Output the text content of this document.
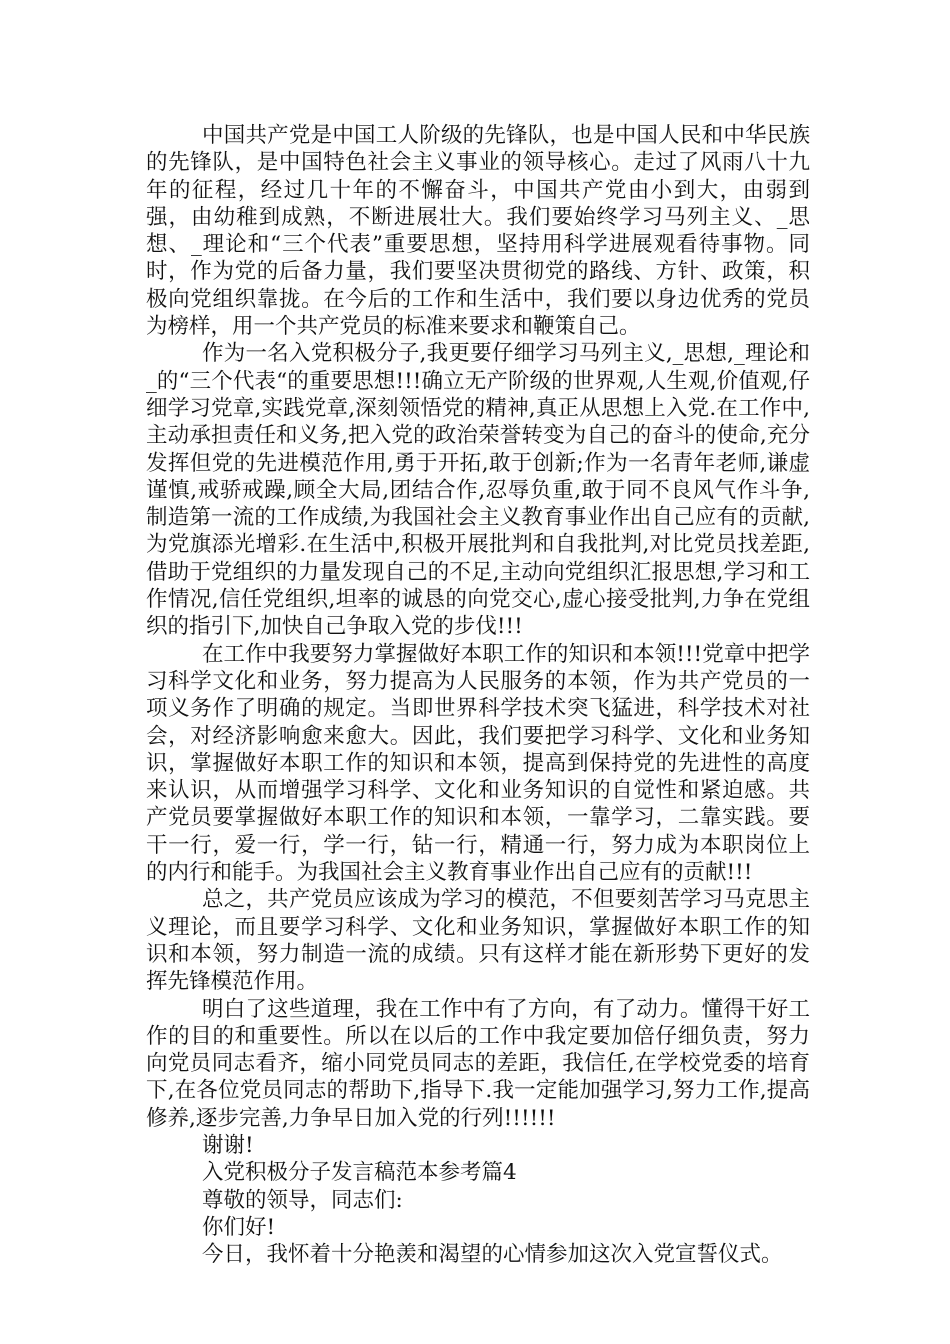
中国共产党是中国工人阶级的先锋队，也是中国人民和中华民族的先锋队，是中国特色社会主义事业的领导核心。走过了风雨八十九年的征程，经过几十年的不懈奋斗，中国共产党由小到大，由弱到强，由幼稚到成熟，不断进展壮大。我们要始终学习马列主义、_思想、_理论和“三个代表”重要思想，坚持用科学进展观看待事物。同时，作为党的后备力量，我们要坚决贯彻党的路线、方针、政策，积极向党组织靠拢。在今后的工作和生活中，我们要以身边优秀的党员为榜样，用一个共产党员的标准来要求和鞭策自己。

作为一名入党积极分子,我更要仔细学习马列主义,_思想,_理论和_的“三个代表“的重要思想!!!确立无产阶级的世界观,人生观,价值观,仔细学习党章,实践党章,深刻领悟党的精神,真正从思想上入党.在工作中,主动承担责任和义务,把入党的政治荣誉转变为自己的奋斗的使命,充分发挥但党的先进模范作用,勇于开拓,敢于创新;作为一名青年老师,谦虚谨慎,戒骄戒躁,顾全大局,团结合作,忍辱负重,敢于同不良风气作斗争,制造第一流的工作成绩,为我国社会主义教育事业作出自己应有的贡献,为党旗添光增彩.在生活中,积极开展批判和自我批判,对比党员找差距,借助于党组织的力量发现自己的不足,主动向党组织汇报思想,学习和工作情况,信任党组织,坦率的诚恳的向党交心,虚心接受批判,力争在党组织的指引下,加快自己争取入党的步伐!!!

在工作中我要努力掌握做好本职工作的知识和本领!!!党章中把学习科学文化和业务，努力提高为人民服务的本领，作为共产党员的一项义务作了明确的规定。当即世界科学技术突飞猛进，科学技术对社会，对经济影响愈来愈大。因此，我们要把学习科学、文化和业务知识，掌握做好本职工作的知识和本领，提高到保持党的先进性的高度来认识，从而增强学习科学、文化和业务知识的自觉性和紧迫感。共产党员要掌握做好本职工作的知识和本领，一靠学习，二靠实践。要干一行，爱一行，学一行，钻一行，精通一行，努力成为本职岗位上的内行和能手。为我国社会主义教育事业作出自己应有的贡献!!!

总之，共产党员应该成为学习的模范，不但要刻苦学习马克思主义理论，而且要学习科学、文化和业务知识，掌握做好本职工作的知识和本领，努力制造一流的成绩。只有这样才能在新形势下更好的发挥先锋模范作用。

明白了这些道理，我在工作中有了方向，有了动力。懂得干好工作的目的和重要性。所以在以后的工作中我定要加倍仔细负责，努力向党员同志看齐，缩小同党员同志的差距，我信任,在学校党委的培育下,在各位党员同志的帮助下,指导下.我一定能加强学习,努力工作,提高修养,逐步完善,力争早日加入党的行列!!!!!!

谢谢!

入党积极分子发言稿范本参考篇4

尊敬的领导，同志们:

你们好!

今日，我怀着十分艳羡和渴望的心情参加这次入党宣誓仪式。
